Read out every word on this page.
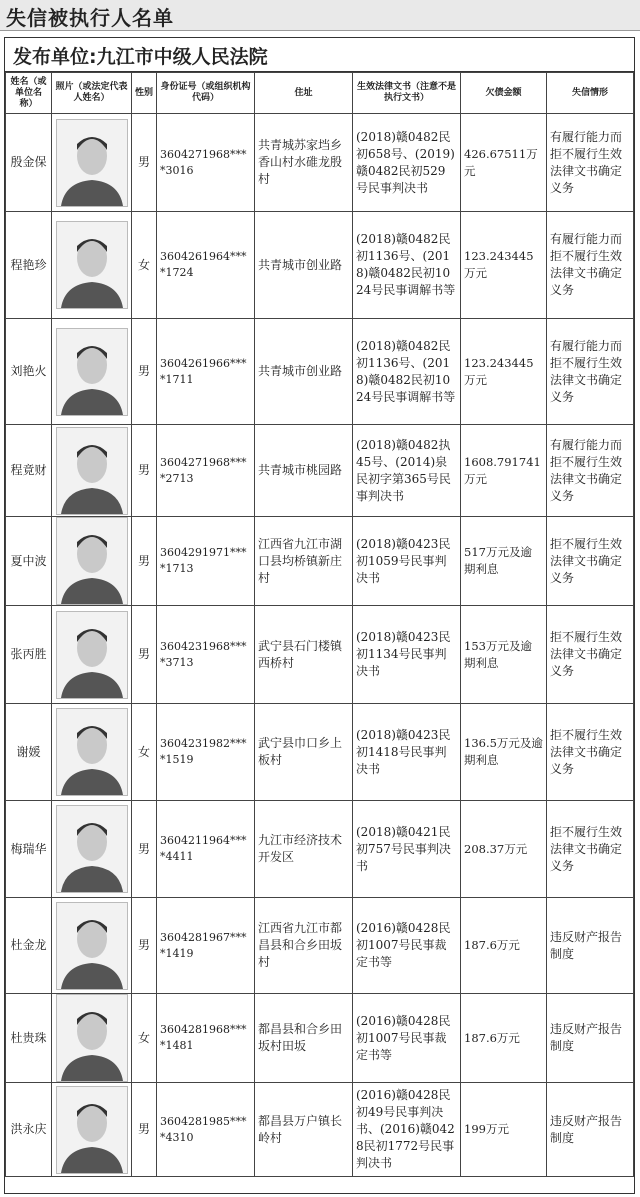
失信被执行人名单
发布单位:九江市中级人民法院
姓名（或单位名称）	照片（或法定代表人姓名）	性别	身份证号（或组织机构代码）	住址	生效法律文书（注意不是执行文书）	欠债金额	失信情形
殷金保		男	3604271968****3016	共青城苏家垱乡香山村水碓龙殷村	(2018)赣0482民初658号、(2019)赣0482民初529号民事判决书	426.67511万元	有履行能力而拒不履行生效法律文书确定义务
程艳珍		女	3604261964****1724	共青城市创业路	(2018)赣0482民初1136号、(2018)赣0482民初1024号民事调解书等	123.243445万元	有履行能力而拒不履行生效法律文书确定义务
刘艳火		男	3604261966****1711	共青城市创业路	(2018)赣0482民初1136号、(2018)赣0482民初1024号民事调解书等	123.243445万元	有履行能力而拒不履行生效法律文书确定义务
程竟财		男	3604271968****2713	共青城市桃园路	(2018)赣0482执45号、(2014)泉民初字第365号民事判决书	1608.791741万元	有履行能力而拒不履行生效法律文书确定义务
夏中波		男	3604291971****1713	江西省九江市湖口县均桥镇新庄村	(2018)赣0423民初1059号民事判决书	517万元及逾期利息	拒不履行生效法律文书确定义务
张丙胜		男	3604231968****3713	武宁县石门楼镇西桥村	(2018)赣0423民初1134号民事判决书	153万元及逾期利息	拒不履行生效法律文书确定义务
谢媛		女	3604231982****1519	武宁县巾口乡上板村	(2018)赣0423民初1418号民事判决书	136.5万元及逾期利息	拒不履行生效法律文书确定义务
梅瑞华		男	3604211964****4411	九江市经济技术开发区	(2018)赣0421民初757号民事判决书	208.37万元	拒不履行生效法律文书确定义务
杜金龙		男	3604281967****1419	江西省九江市都昌县和合乡田坂村	(2016)赣0428民初1007号民事裁定书等	187.6万元	违反财产报告制度
杜贵珠		女	3604281968****1481	都昌县和合乡田坂村田坂	(2016)赣0428民初1007号民事裁定书等	187.6万元	违反财产报告制度
洪永庆		男	3604281985****4310	都昌县万户镇长岭村	(2016)赣0428民初49号民事判决书、(2016)赣0428民初1772号民事判决书	199万元	违反财产报告制度
